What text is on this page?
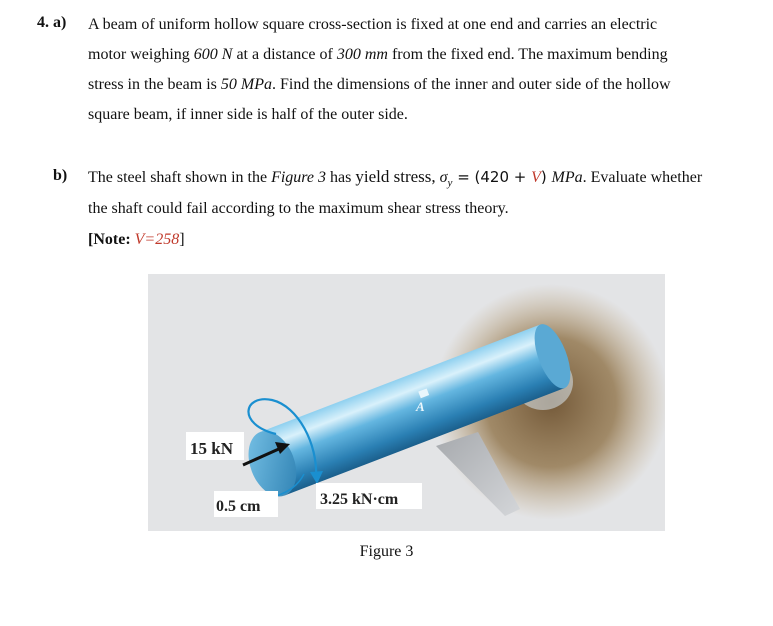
4. a) A beam of uniform hollow square cross-section is fixed at one end and carries an electric
motor weighing 600 N at a distance of 300 mm from the fixed end. The maximum bending
stress in the beam is 50 MPa. Find the dimensions of the inner and outer side of the hollow
square beam, if inner side is half of the outer side.
b) The steel shaft shown in the Figure 3 has yield stress, $\sigma_y = (420 + V)$ MPa. Evaluate whether
the shaft could fail according to the maximum shear stress theory.
[Note: V=258]
15 kN
0.5 cm	3.25 kN·cm
A
Figure 3
